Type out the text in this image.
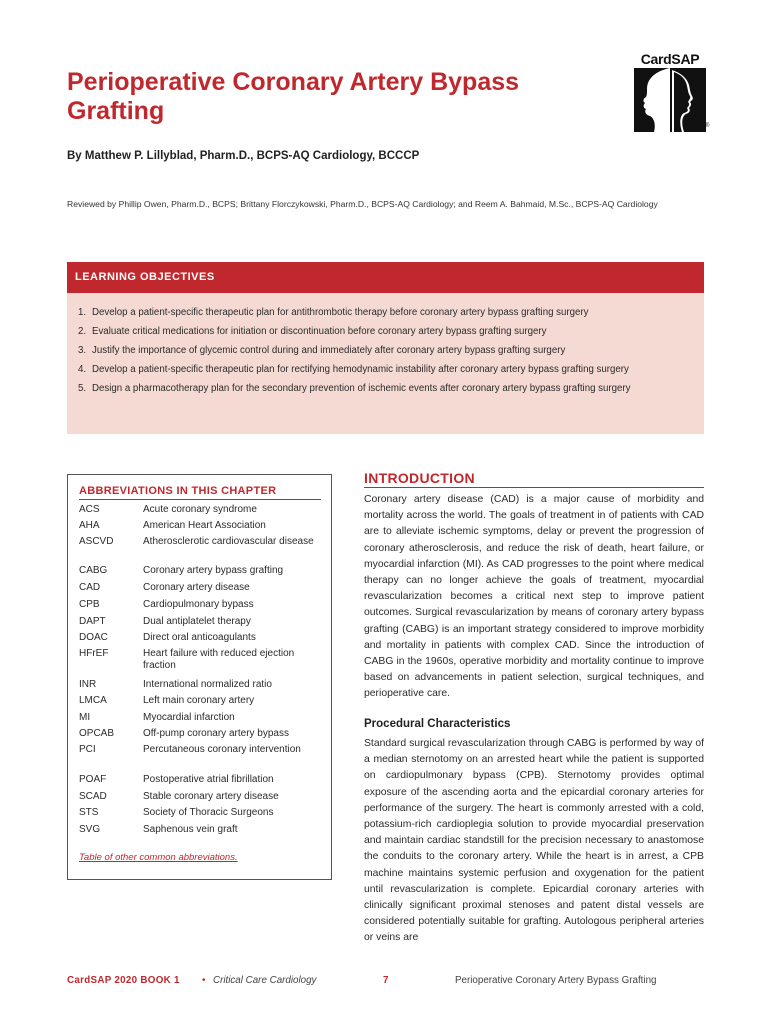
Perioperative Coronary Artery Bypass Grafting
CardSAP
®
By Matthew P. Lillyblad, Pharm.D., BCPS-AQ Cardiology, BCCCP
Reviewed by Phillip Owen, Pharm.D., BCPS; Brittany Florczykowski, Pharm.D., BCPS-AQ Cardiology; and Reem A. Bahmaid, M.Sc., BCPS-AQ Cardiology
LEARNING OBJECTIVES
1. Develop a patient-specific therapeutic plan for antithrombotic therapy before coronary artery bypass grafting surgery
2. Evaluate critical medications for initiation or discontinuation before coronary artery bypass grafting surgery
3. Justify the importance of glycemic control during and immediately after coronary artery bypass grafting surgery
4. Develop a patient-specific therapeutic plan for rectifying hemodynamic instability after coronary artery bypass grafting surgery
5. Design a pharmacotherapy plan for the secondary prevention of ischemic events after coronary artery bypass grafting surgery
ABBREVIATIONS IN THIS CHAPTER
ACS	Acute coronary syndrome
AHA	American Heart Association
ASCVD	Atherosclerotic cardiovascular disease
CABG	Coronary artery bypass grafting
CAD	Coronary artery disease
CPB	Cardiopulmonary bypass
DAPT	Dual antiplatelet therapy
DOAC	Direct oral anticoagulants
HFrEF	Heart failure with reduced ejection fraction
INR	International normalized ratio
LMCA	Left main coronary artery
MI	Myocardial infarction
OPCAB	Off-pump coronary artery bypass
PCI	Percutaneous coronary intervention
POAF	Postoperative atrial fibrillation
SCAD	Stable coronary artery disease
STS	Society of Thoracic Surgeons
SVG	Saphenous vein graft
Table of other common abbreviations.
INTRODUCTION

Coronary artery disease (CAD) is a major cause of morbidity and mortality across the world. The goals of treatment in of patients with CAD are to alleviate ischemic symptoms, delay or prevent the progression of coronary atherosclerosis, and reduce the risk of death, heart failure, or myocardial infarction (MI). As CAD progresses to the point where medical therapy can no longer achieve the goals of treatment, myocardial revascularization becomes a critical next step to improve patient outcomes. Surgical revascularization by means of coronary artery bypass grafting (CABG) is an important strategy considered to improve morbidity and mortality in patients with complex CAD. Since the introduction of CABG in the 1960s, operative morbidity and mortality continue to improve based on advancements in patient selection, surgical techniques, and perioperative care.

Procedural Characteristics

Standard surgical revascularization through CABG is performed by way of a median sternotomy on an arrested heart while the patient is supported on cardiopulmonary bypass (CPB). Sternotomy provides optimal exposure of the ascending aorta and the epicardial coronary arteries for performance of the surgery. The heart is commonly arrested with a cold, potassium-rich cardioplegia solution to provide myocardial preservation and maintain cardiac standstill for the precision necessary to anastomose the conduits to the coronary artery. While the heart is in arrest, a CPB machine maintains systemic perfusion and oxygenation for the patient until revascularization is complete. Epicardial coronary arteries with clinically significant proximal stenoses and patent distal vessels are considered potentially suitable for grafting. Autologous peripheral arteries or veins are

CardSAP 2020 BOOK 1 • Critical Care Cardiology	7	Perioperative Coronary Artery Bypass Grafting
